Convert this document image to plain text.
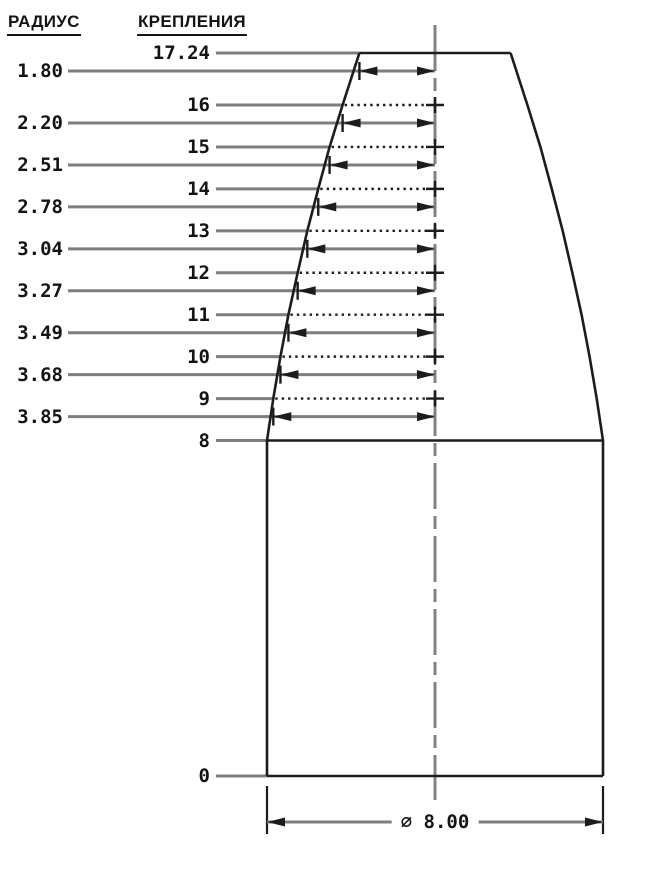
РАДИУС	КРЕПЛЕНИЯ
17.24
1.80
16
2.20
15
2.51
14
2.78
13
3.04
12
3.27
11
3.49
10
3.68
9
3.85
8
0
∅ 8.00
